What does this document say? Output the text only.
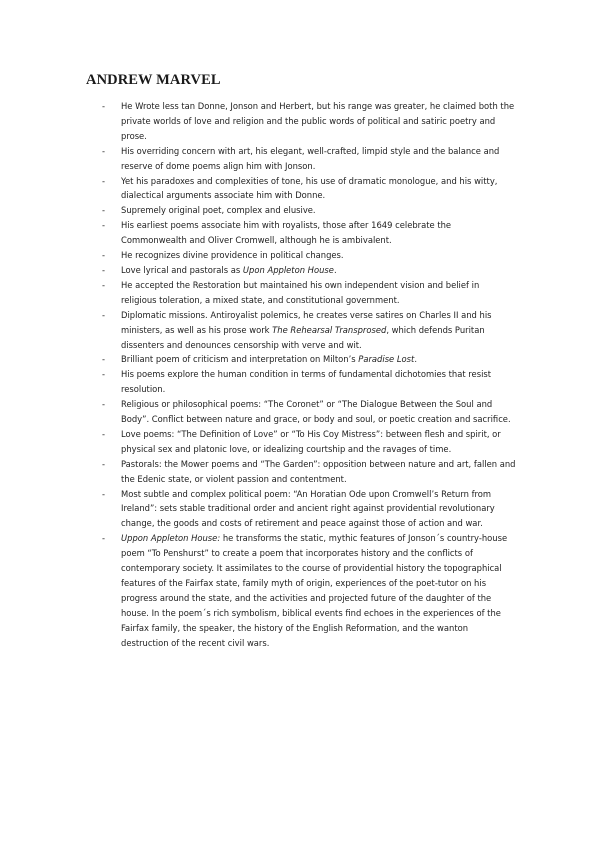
ANDREW MARVEL
- He Wrote less tan Donne, Jonson and Herbert, but his range was greater, he claimed both the private worlds of love and religion and the public words of political and satiric poetry and prose.
- His overriding concern with art, his elegant, well-crafted, limpid style and the balance and reserve of dome poems align him with Jonson.
- Yet his paradoxes and complexities of tone, his use of dramatic monologue, and his witty, dialectical arguments associate him with Donne.
- Supremely original poet, complex and elusive.
- His earliest poems associate him with royalists, those after 1649 celebrate the Commonwealth and Oliver Cromwell, although he is ambivalent.
- He recognizes divine providence in political changes.
- Love lyrical and pastorals as Upon Appleton House.
- He accepted the Restoration but maintained his own independent vision and belief in religious toleration, a mixed state, and constitutional government.
- Diplomatic missions. Antiroyalist polemics, he creates verse satires on Charles II and his ministers, as well as his prose work The Rehearsal Transprosed, which defends Puritan dissenters and denounces censorship with verve and wit.
- Brilliant poem of criticism and interpretation on Milton’s Paradise Lost.
- His poems explore the human condition in terms of fundamental dichotomies that resist resolution.
- Religious or philosophical poems: “The Coronet” or “The Dialogue Between the Soul and Body”. Conflict between nature and grace, or body and soul, or poetic creation and sacrifice.
- Love poems: “The Definition of Love” or “To His Coy Mistress”: between flesh and spirit, or physical sex and platonic love, or idealizing courtship and the ravages of time.
- Pastorals: the Mower poems and “The Garden”: opposition between nature and art, fallen and the Edenic state, or violent passion and contentment.
- Most subtle and complex political poem: “An Horatian Ode upon Cromwell’s Return from Ireland”: sets stable traditional order and ancient right against providential revolutionary change, the goods and costs of retirement and peace against those of action and war.
- Uppon Appleton House: he transforms the static, mythic features of Jonson´s country-house poem “To Penshurst” to create a poem that incorporates history and the conflicts of contemporary society. It assimilates to the course of providential history the topographical features of the Fairfax state, family myth of origin, experiences of the poet-tutor on his progress around the state, and the activities and projected future of the daughter of the house. In the poem´s rich symbolism, biblical events find echoes in the experiences of the Fairfax family, the speaker, the history of the English Reformation, and the wanton destruction of the recent civil wars.
